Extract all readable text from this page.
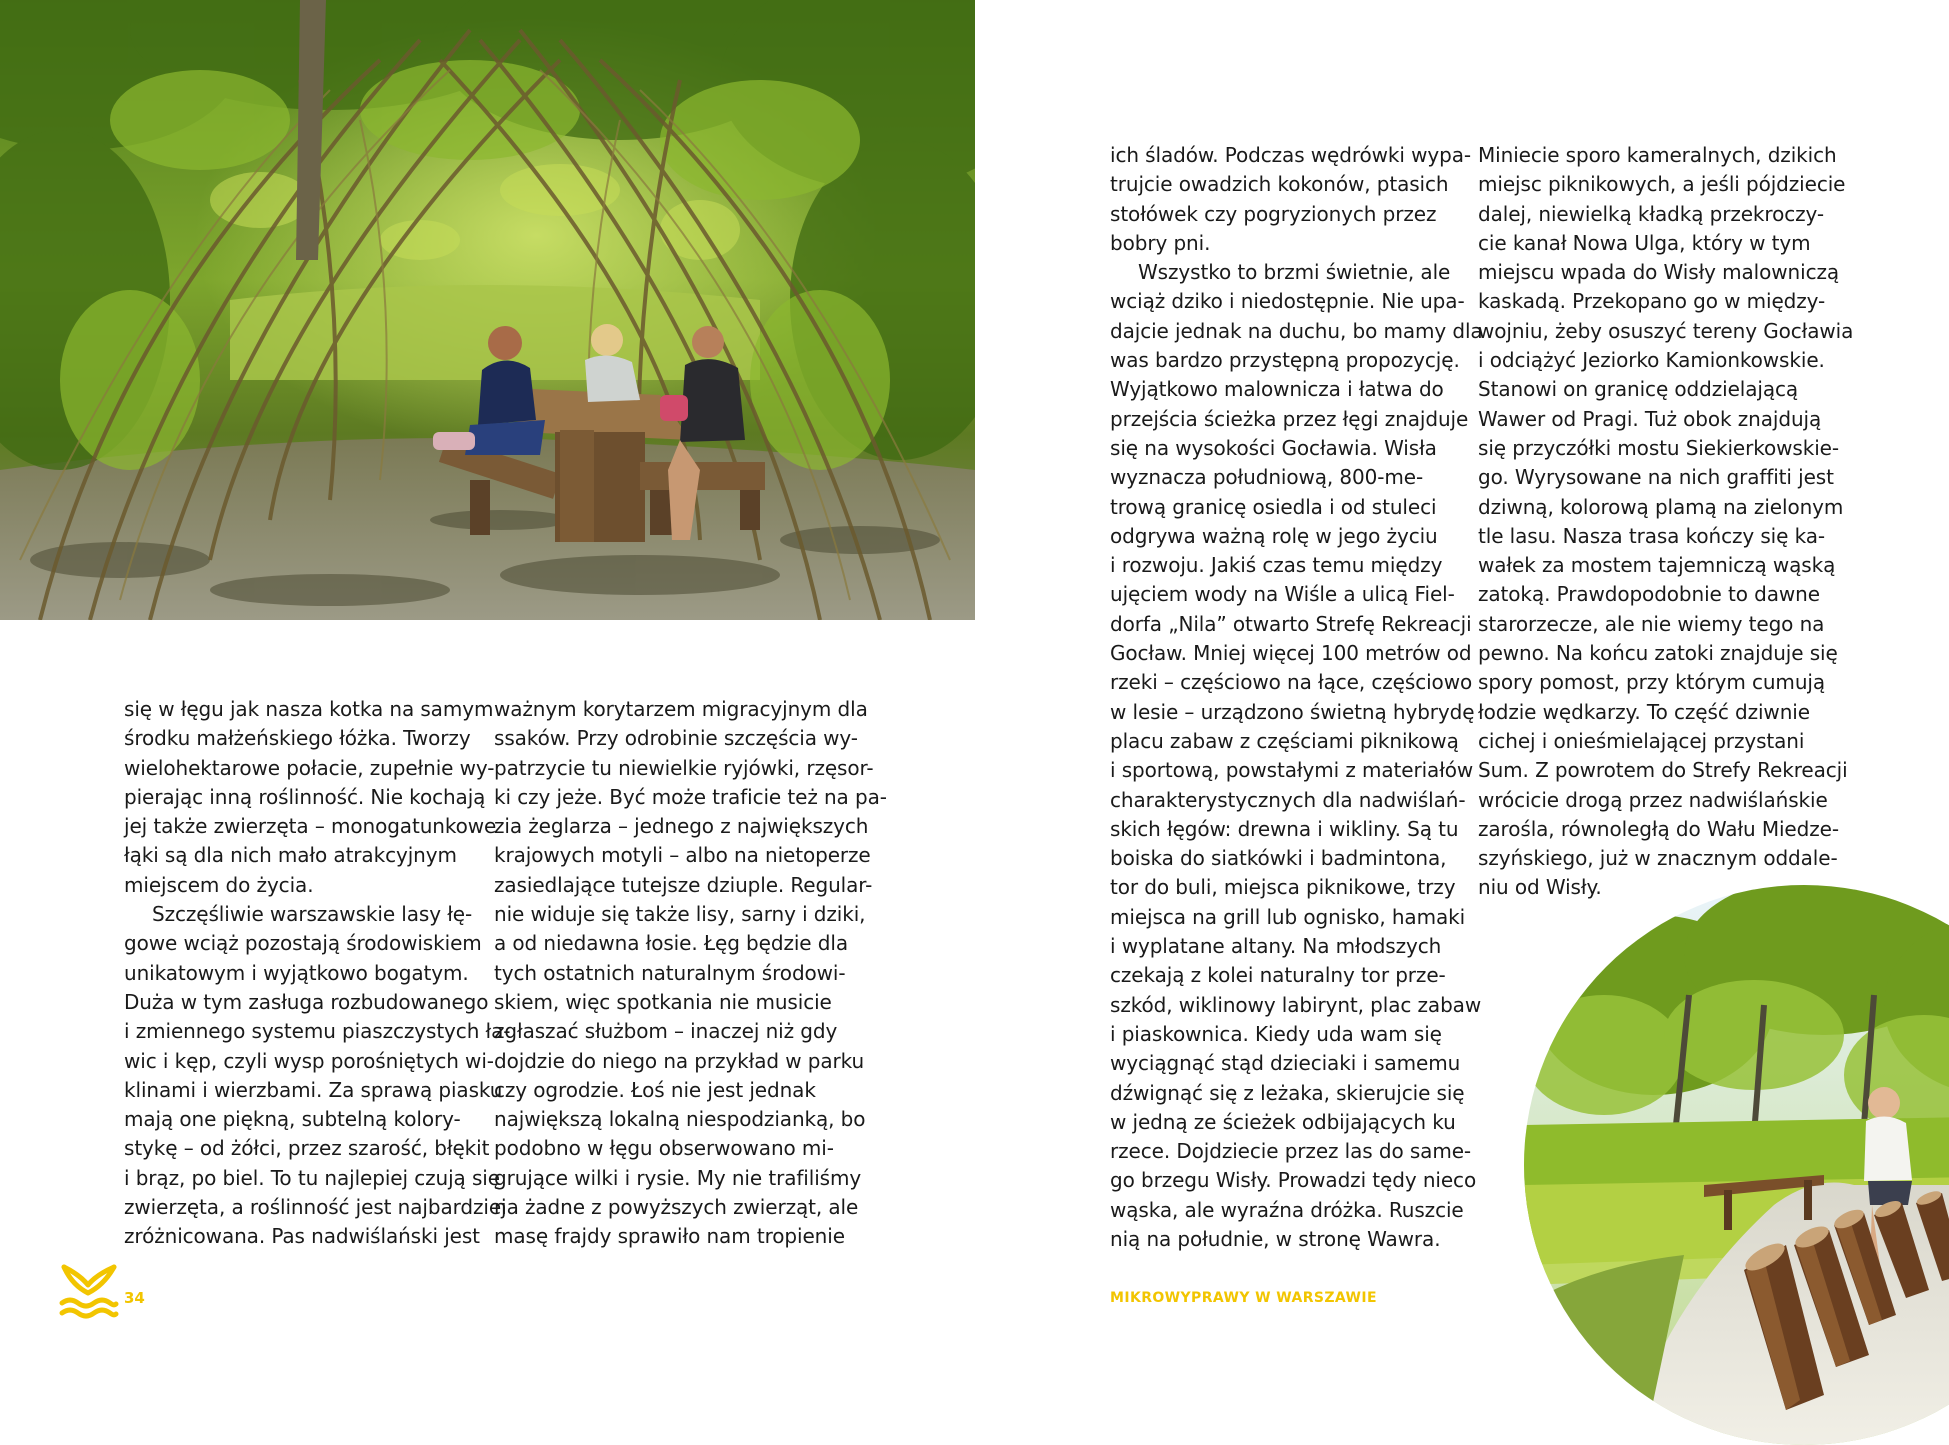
się w łęgu jak nasza kotka na samym

środku małżeńskiego łóżka. Tworzy

wielohektarowe połacie, zupełnie wy-

pierając inną roślinność. Nie kochają

jej także zwierzęta – monogatunkowe

łąki są dla nich mało atrakcyjnym

miejscem do życia.

Szczęśliwie warszawskie lasy łę-

gowe wciąż pozostają środowiskiem

unikatowym i wyjątkowo bogatym.

Duża w tym zasługa rozbudowanego

i zmiennego systemu piaszczystych ła-

wic i kęp, czyli wysp porośniętych wi-

klinami i wierzbami. Za sprawą piasku

mają one piękną, subtelną kolory-

stykę – od żółci, przez szarość, błękit

i brąz, po biel. To tu najlepiej czują się

zwierzęta, a roślinność jest najbardziej

zróżnicowana. Pas nadwiślański jest

ważnym korytarzem migracyjnym dla

ssaków. Przy odrobinie szczęścia wy-

patrzycie tu niewielkie ryjówki, rzęsor-

ki czy jeże. Być może traficie też na pa-

zia żeglarza – jednego z największych

krajowych motyli – albo na nietoperze

zasiedlające tutejsze dziuple. Regular-

nie widuje się także lisy, sarny i dziki,

a od niedawna łosie. Łęg będzie dla

tych ostatnich naturalnym środowi-

skiem, więc spotkania nie musicie

zgłaszać służbom – inaczej niż gdy

dojdzie do niego na przykład w parku

czy ogrodzie. Łoś nie jest jednak

największą lokalną niespodzianką, bo

podobno w łęgu obserwowano mi-

grujące wilki i rysie. My nie trafiliśmy

na żadne z powyższych zwierząt, ale

masę frajdy sprawiło nam tropienie

ich śladów. Podczas wędrówki wypa-

trujcie owadzich kokonów, ptasich

stołówek czy pogryzionych przez

bobry pni.

Wszystko to brzmi świetnie, ale

wciąż dziko i niedostępnie. Nie upa-

dajcie jednak na duchu, bo mamy dla

was bardzo przystępną propozycję.

Wyjątkowo malownicza i łatwa do

przejścia ścieżka przez łęgi znajduje

się na wysokości Gocławia. Wisła

wyznacza południową, 800-me-

trową granicę osiedla i od stuleci

odgrywa ważną rolę w jego życiu

i rozwoju. Jakiś czas temu między

ujęciem wody na Wiśle a ulicą Fiel-

dorfa „Nila” otwarto Strefę Rekreacji

Gocław. Mniej więcej 100 metrów od

rzeki – częściowo na łące, częściowo

w lesie – urządzono świetną hybrydę

placu zabaw z częściami piknikową

i sportową, powstałymi z materiałów

charakterystycznych dla nadwiślań-

skich łęgów: drewna i wikliny. Są tu

boiska do siatkówki i badmintona,

tor do buli, miejsca piknikowe, trzy

miejsca na grill lub ognisko, hamaki

i wyplatane altany. Na młodszych

czekają z kolei naturalny tor prze-

szkód, wiklinowy labirynt, plac zabaw

i piaskownica. Kiedy uda wam się

wyciągnąć stąd dzieciaki i samemu

dźwignąć się z leżaka, skierujcie się

w jedną ze ścieżek odbijających ku

rzece. Dojdziecie przez las do same-

go brzegu Wisły. Prowadzi tędy nieco

wąska, ale wyraźna dróżka. Ruszcie

nią na południe, w stronę Wawra.

Miniecie sporo kameralnych, dzikich

miejsc piknikowych, a jeśli pójdziecie

dalej, niewielką kładką przekroczy-

cie kanał Nowa Ulga, który w tym

miejscu wpada do Wisły malowniczą

kaskadą. Przekopano go w między-

wojniu, żeby osuszyć tereny Gocławia

i odciążyć Jeziorko Kamionkowskie.

Stanowi on granicę oddzielającą

Wawer od Pragi. Tuż obok znajdują

się przyczółki mostu Siekierkowskie-

go. Wyrysowane na nich graffiti jest

dziwną, kolorową plamą na zielonym

tle lasu. Nasza trasa kończy się ka-

wałek za mostem tajemniczą wąską

zatoką. Prawdopodobnie to dawne

starorzecze, ale nie wiemy tego na

pewno. Na końcu zatoki znajduje się

spory pomost, przy którym cumują

łodzie wędkarzy. To część dziwnie

cichej i onieśmielającej przystani

Sum. Z powrotem do Strefy Rekreacji

wrócicie drogą przez nadwiślańskie

zarośla, równoległą do Wału Miedze-

szyńskiego, już w znacznym oddale-

niu od Wisły.

34	MIKROWYPRAWY W WARSZAWIE
